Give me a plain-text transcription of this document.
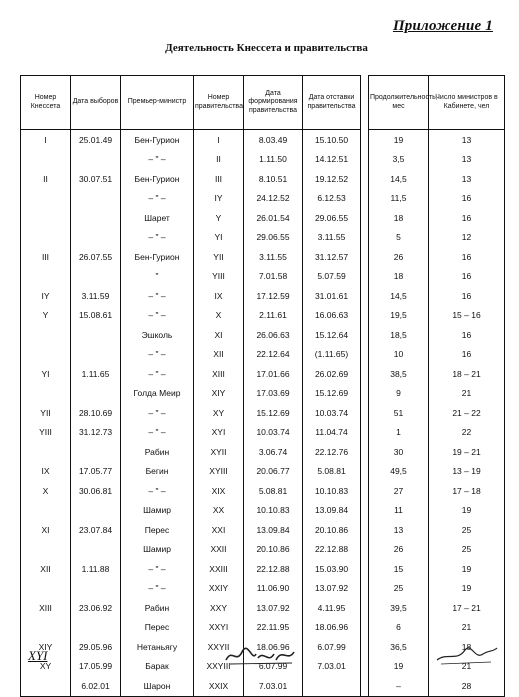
Приложение 1
Деятельность Кнессета и правительства
Номер Кнессета	Дата выборов	Премьер-министр	Номер правительства	Дата формирования правительства	Дата отставки правительства		Продолжительность, мес	Число министров в Кабинете, чел
I	25.01.49	Бен-Гурион	I	8.03.49	15.10.50		19	13
		– " –	II	1.11.50	14.12.51		3,5	13
II	30.07.51	Бен-Гурион	III	8.10.51	19.12.52		14,5	13
		– " –	IY	24.12.52	6.12.53		11,5	16
		Шарет	Y	26.01.54	29.06.55		18	16
		– " –	YI	29.06.55	3.11.55		5	12
III	26.07.55	Бен-Гурион	YII	3.11.55	31.12.57		26	16
		"	YIII	7.01.58	5.07.59		18	16
IY	3.11.59	– " –	IX	17.12.59	31.01.61		14,5	16
Y	15.08.61	– " –	X	2.11.61	16.06.63		19,5	15 – 16
		Эшколь	XI	26.06.63	15.12.64		18,5	16
		– " –	XII	22.12.64	(1.11.65)		10	16
YI	1.11.65	– " –	XIII	17.01.66	26.02.69		38,5	18 – 21
		Голда Меир	XIY	17.03.69	15.12.69		9	21
YII	28.10.69	– " –	XY	15.12.69	10.03.74		51	21 – 22
YIII	31.12.73	– " –	XYI	10.03.74	11.04.74		1	22
		Рабин	XYII	3.06.74	22.12.76		30	19 – 21
IX	17.05.77	Бегин	XYIII	20.06.77	5.08.81		49,5	13 – 19
X	30.06.81	– " –	XIX	5.08.81	10.10.83		27	17 – 18
		Шамир	XX	10.10.83	13.09.84		11	19
XI	23.07.84	Перес	XXI	13.09.84	20.10.86		13	25
		Шамир	XXII	20.10.86	22.12.88		26	25
XII	1.11.88	– " –	XXIII	22.12.88	15.03.90		15	19
		– " –	XXIY	11.06.90	13.07.92		25	19
XIII	23.06.92	Рабин	XXY	13.07.92	4.11.95		39,5	17 – 21
		Перес	XXYI	22.11.95	18.06.96		6	21
XIY	29.05.96	Нетаньягу	XXYII	18.06.96	6.07.99		36,5	18
XY	17.05.99	Барак	XXYIII	6.07.99	7.03.01		19	21
	6.02.01	Шарон	XXIX	7.03.01			–	28
XYI
